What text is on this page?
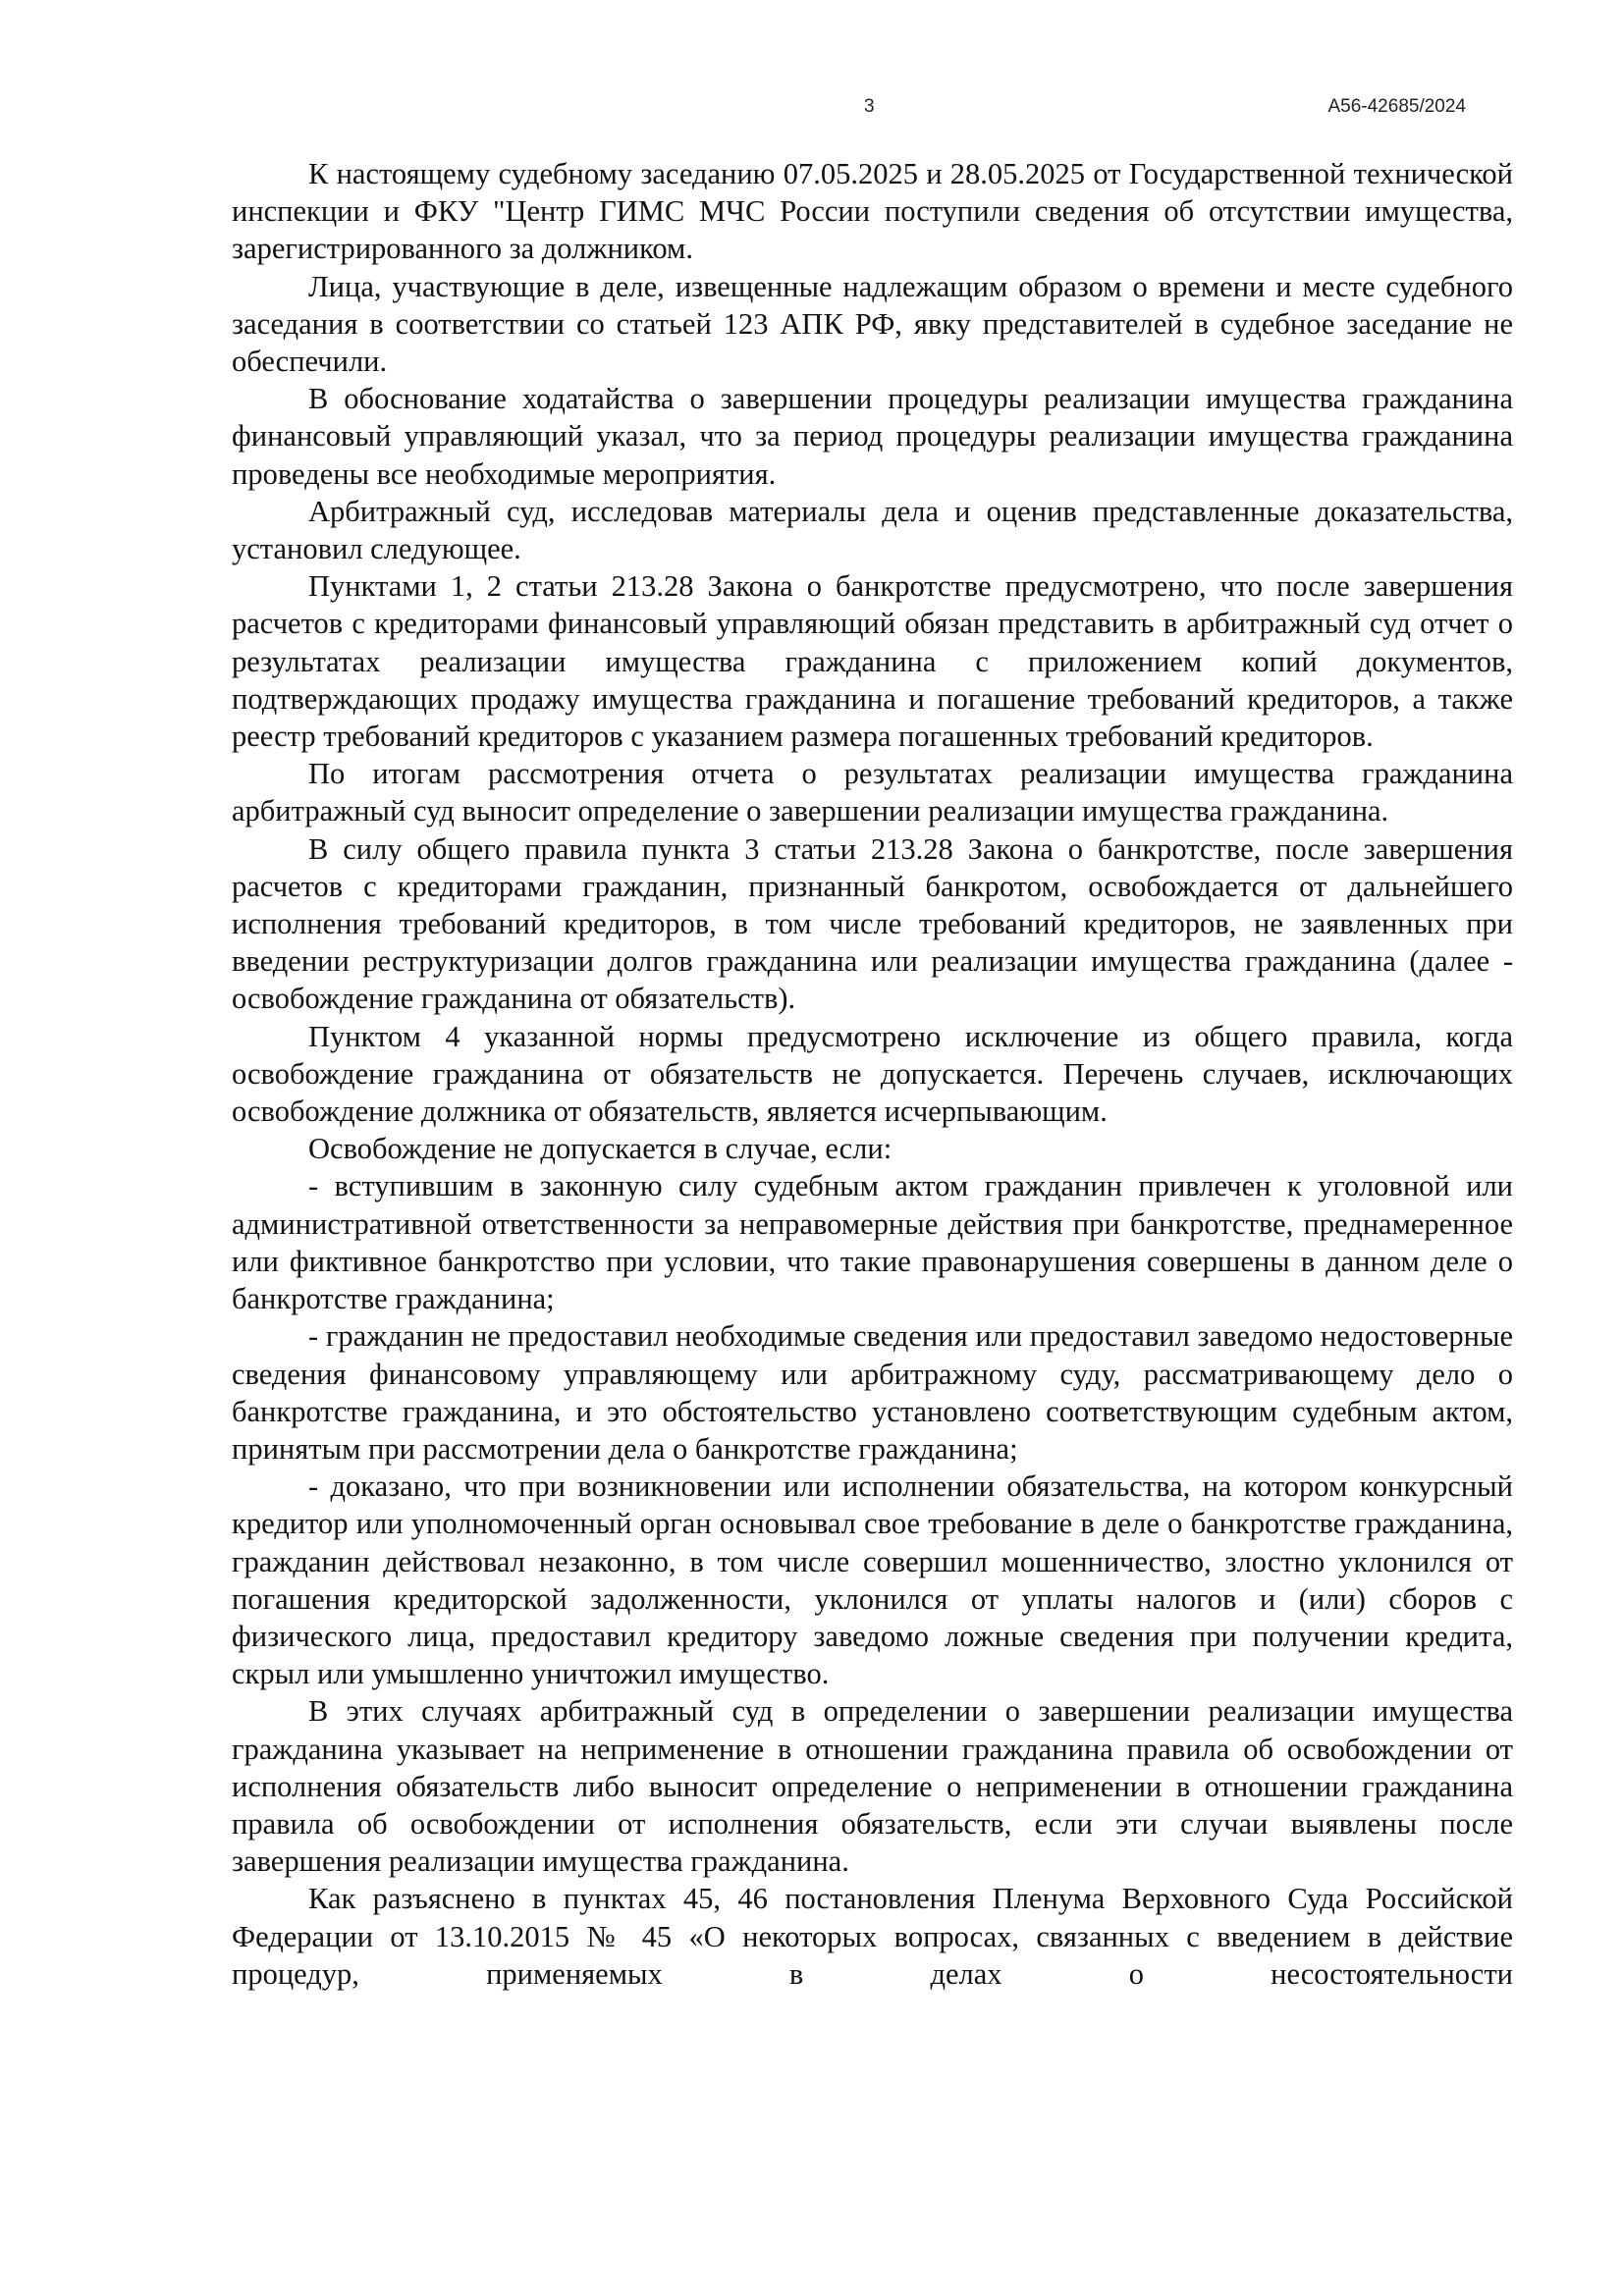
3	А56-42685/2024

К настоящему судебному заседанию 07.05.2025 и 28.05.2025 от Государственной технической инспекции и ФКУ "Центр ГИМС МЧС России поступили сведения об отсутствии имущества, зарегистрированного за должником.

Лица, участвующие в деле, извещенные надлежащим образом о времени и месте судебного заседания в соответствии со статьей 123 АПК РФ, явку представителей в судебное заседание не обеспечили.

В обоснование ходатайства о завершении процедуры реализации имущества гражданина финансовый управляющий указал, что за период процедуры реализации имущества гражданина проведены все необходимые мероприятия.

Арбитражный суд, исследовав материалы дела и оценив представленные доказательства, установил следующее.

Пунктами 1, 2 статьи 213.28 Закона о банкротстве предусмотрено, что после завершения расчетов с кредиторами финансовый управляющий обязан представить в арбитражный суд отчет о результатах реализации имущества гражданина с приложением копий документов, подтверждающих продажу имущества гражданина и погашение требований кредиторов, а также реестр требований кредиторов с указанием размера погашенных требований кредиторов.

По итогам рассмотрения отчета о результатах реализации имущества гражданина арбитражный суд выносит определение о завершении реализации имущества гражданина.

В силу общего правила пункта 3 статьи 213.28 Закона о банкротстве, после завершения расчетов с кредиторами гражданин, признанный банкротом, освобождается от дальнейшего исполнения требований кредиторов, в том числе требований кредиторов, не заявленных при введении реструктуризации долгов гражданина или реализации имущества гражданина (далее - освобождение гражданина от обязательств).

Пунктом 4 указанной нормы предусмотрено исключение из общего правила, когда освобождение гражданина от обязательств не допускается. Перечень случаев, исключающих освобождение должника от обязательств, является исчерпывающим.

Освобождение не допускается в случае, если:

- вступившим в законную силу судебным актом гражданин привлечен к уголовной или административной ответственности за неправомерные действия при банкротстве, преднамеренное или фиктивное банкротство при условии, что такие правонарушения совершены в данном деле о банкротстве гражданина;

- гражданин не предоставил необходимые сведения или предоставил заведомо недостоверные сведения финансовому управляющему или арбитражному суду, рассматривающему дело о банкротстве гражданина, и это обстоятельство установлено соответствующим судебным актом, принятым при рассмотрении дела о банкротстве гражданина;

- доказано, что при возникновении или исполнении обязательства, на котором конкурсный кредитор или уполномоченный орган основывал свое требование в деле о банкротстве гражданина, гражданин действовал незаконно, в том числе совершил мошенничество, злостно уклонился от погашения кредиторской задолженности, уклонился от уплаты налогов и (или) сборов с физического лица, предоставил кредитору заведомо ложные сведения при получении кредита, скрыл или умышленно уничтожил имущество.

В этих случаях арбитражный суд в определении о завершении реализации имущества гражданина указывает на неприменение в отношении гражданина правила об освобождении от исполнения обязательств либо выносит определение о неприменении в отношении гражданина правила об освобождении от исполнения обязательств, если эти случаи выявлены после завершения реализации имущества гражданина.

Как разъяснено в пунктах 45, 46 постановления Пленума Верховного Суда Российской Федерации от 13.10.2015 № 45 «О некоторых вопросах, связанных с введением в действие процедур, применяемых в делах о несостоятельности
